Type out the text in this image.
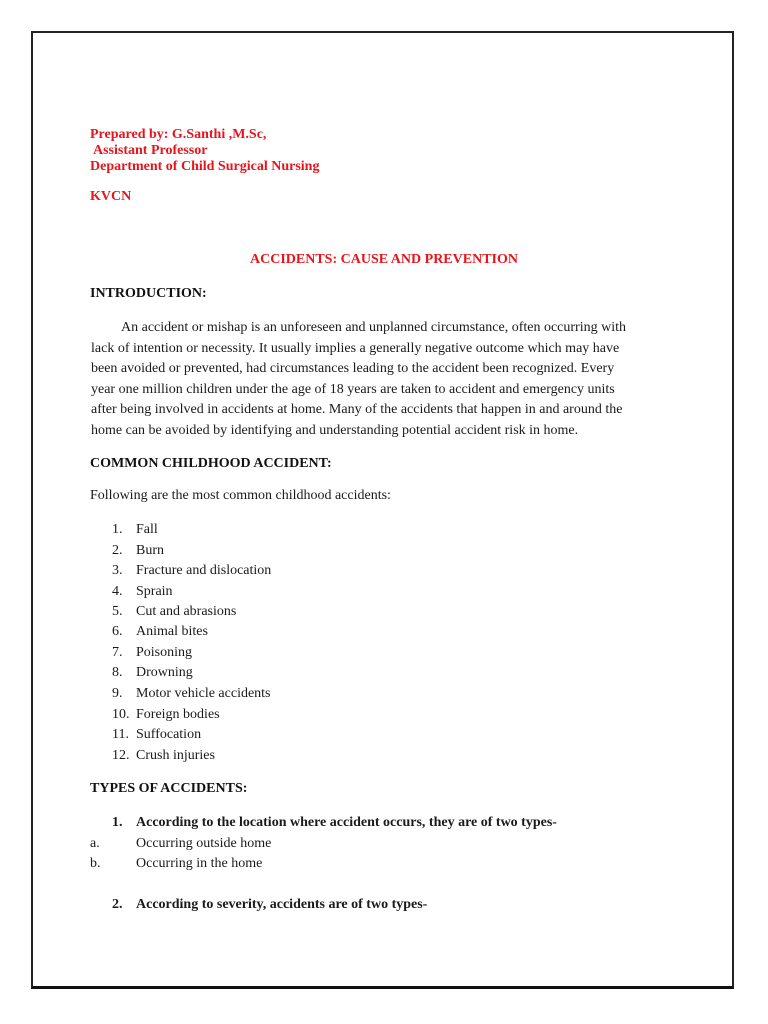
Prepared by: G.Santhi ,M.Sc,
Assistant Professor
Department of Child Surgical Nursing
KVCN
ACCIDENTS: CAUSE AND PREVENTION
INTRODUCTION:
An accident or mishap is an unforeseen and unplanned circumstance, often occurring with
lack of intention or necessity. It usually implies a generally negative outcome which may have
been avoided or prevented, had circumstances leading to the accident been recognized. Every
year one million children under the age of 18 years are taken to accident and emergency units
after being involved in accidents at home. Many of the accidents that happen in and around the
home can be avoided by identifying and understanding potential accident risk in home.
COMMON CHILDHOOD ACCIDENT:
Following are the most common childhood accidents:
1. Fall
2. Burn
3. Fracture and dislocation
4. Sprain
5. Cut and abrasions
6. Animal bites
7. Poisoning
8. Drowning
9. Motor vehicle accidents
10. Foreign bodies
11. Suffocation
12. Crush injuries
TYPES OF ACCIDENTS:
1. According to the location where accident occurs, they are of two types-
a.	Occurring outside home
b.	Occurring in the home
2. According to severity, accidents are of two types-
